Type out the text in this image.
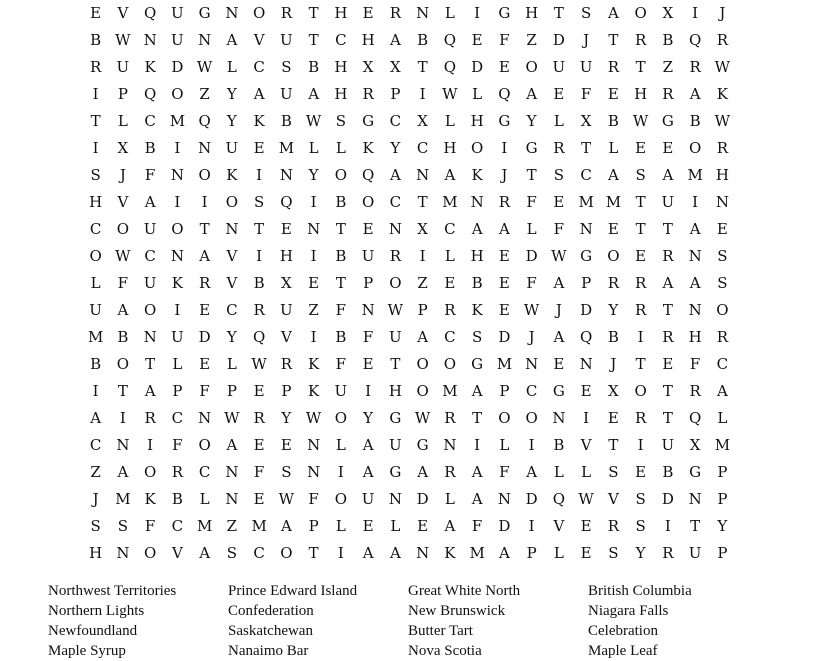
E	V	Q U G N O	R	T	H	E	R	N	L	I	G H	T	S	A	O	X	I	J
B W N U N	A	V	U	T	C H	A	B	Q	E	F	Z	D	J	T	R	B	Q	R
R	U	K	D W L	C	S	B	H	X	X	T	Q	D	E	O U U	R	T	Z	R W
I	P	Q O	Z	Y	A	U	A	H	R	P	I	W L	Q	A	E	F	E	H	R	A	K
T	L	C M Q	Y	K	B W S	G	C	X	L	H G	Y	L	X	B W G	B W
I	X	B	I	N U	E M L	L	K	Y	C H O	I	G	R	T	L	E	E	O	R
S	J	F	N O	K	I	N	Y	O Q	A	N	A	K	J	T	S	C	A	S	A M H
H	V	A	I	I	O	S	Q	I	B	O	C	T M N	R	F	E M M T	U	I	N
C	O U O	T	N	T	E	N	T	E	N	X	C	A	A	L	F	N	E	T	T	A	E
O W C N	A	V	I	H	I	B	U	R	I	L	H	E	D W G	O	E	R	N	S
L	F	U	K	R	V	B	X	E	T	P	O	Z	E	B	E	F	A	P	R	R	A	A	S
U	A	O	I	E	C	R	U	Z	F	N W P	R	K	E W	J	D	Y	R	T	N O
M B	N U D	Y	Q	V	I	B	F	U	A	C	S	D	J	A	Q	B	I	R	H	R
B	O	T	L	E	L W R	K	F	E	T	O O	G M N	E	N	J	T	E	F	C
I	T	A	P	F	P	E	P	K	U	I	H O M A	P	C	G	E	X	O	T	R	A
A	I	R	C N W R	Y W O	Y	G W R	T	O O N	I	E	R	T	Q	L
C N	I	F	O	A	E	E	N	L	A	U G N	I	L	I	B	V	T	I	U	X M
Z	A	O	R	C N	F	S	N	I	A	G	A	R	A	F	A	L	L	S	E	B	G	P
J	M K	B	L	N	E W F	O U N D	L	A	N D	Q W V	S	D N	P
S	S	F	C M Z M A	P	L	E	L	E	A	F	D	I	V	E	R	S	I	T	Y
H N O	V	A	S	C	O	T	I	A	A	N	K M A	P	L	E	S	Y	R	U	P
Northwest Territories	Prince Edward Island	Great White North	British Columbia
Northern Lights	Confederation	New Brunswick	Niagara Falls
Newfoundland	Saskatchewan	Butter Tart	Celebration
Maple Syrup	Nanaimo Bar	Nova Scotia	Maple Leaf
